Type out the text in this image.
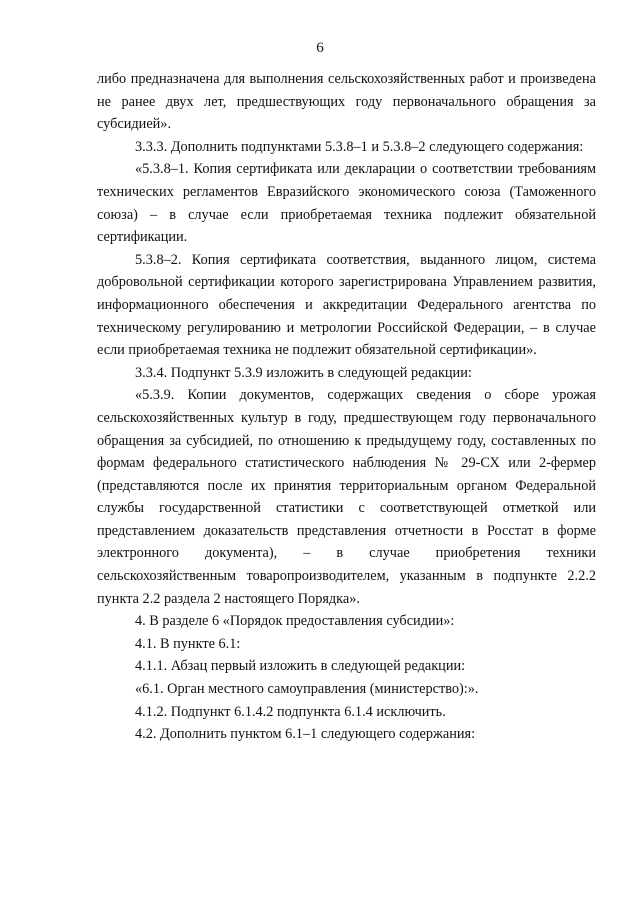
6

либо предназначена для выполнения сельскохозяйственных работ и произведена не ранее двух лет, предшествующих году первоначального обращения за субсидией».

3.3.3. Дополнить подпунктами 5.3.8–1 и 5.3.8–2 следующего содержания:

«5.3.8–1. Копия сертификата или декларации о соответствии требованиям технических регламентов Евразийского экономического союза (Таможенного союза) – в случае если приобретаемая техника подлежит обязательной сертификации.

5.3.8–2. Копия сертификата соответствия, выданного лицом, система добровольной сертификации которого зарегистрирована Управлением развития, информационного обеспечения и аккредитации Федерального агентства по техническому регулированию и метрологии Российской Федерации, – в случае если приобретаемая техника не подлежит обязательной сертификации».

3.3.4. Подпункт 5.3.9 изложить в следующей редакции:

«5.3.9. Копии документов, содержащих сведения о сборе урожая сельскохозяйственных культур в году, предшествующем году первоначального обращения за субсидией, по отношению к предыдущему году, составленных по формам федерального статистического наблюдения № 29-СХ или 2-фермер (представляются после их принятия территориальным органом Федеральной службы государственной статистики с соответствующей отметкой или представлением доказательств представления отчетности в Росстат в форме электронного документа), – в случае приобретения техники сельскохозяйственным товаропроизводителем, указанным в подпункте 2.2.2 пункта 2.2 раздела 2 настоящего Порядка».

4. В разделе 6 «Порядок предоставления субсидии»:

4.1. В пункте 6.1:

4.1.1. Абзац первый изложить в следующей редакции:

«6.1. Орган местного самоуправления (министерство):».

4.1.2. Подпункт 6.1.4.2 подпункта 6.1.4 исключить.

4.2. Дополнить пунктом 6.1–1 следующего содержания:
